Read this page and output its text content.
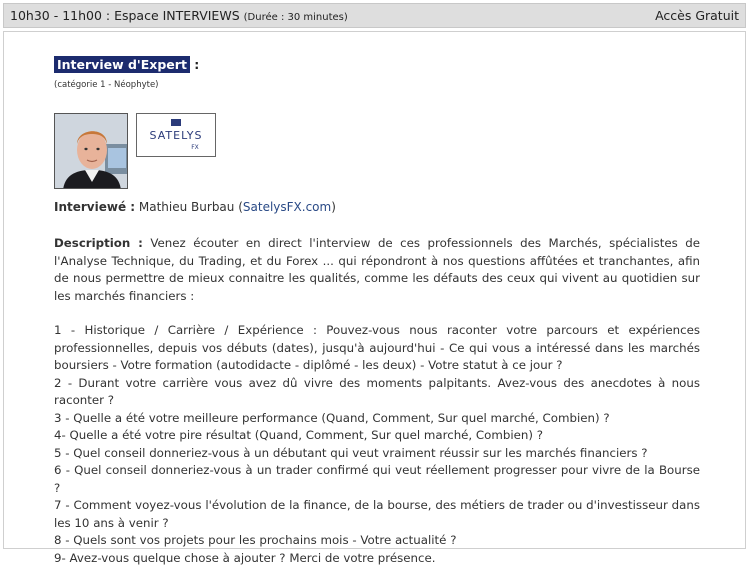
10h30 - 11h00 : Espace INTERVIEWS (Durée : 30 minutes)	Accès Gratuit
Interview d'Expert :
(catégorie 1 - Néophyte)
SATELYS
FX
Interviewé : Mathieu Burbau (SatelysFX.com)
Description : Venez écouter en direct l'interview de ces professionnels des Marchés, spécialistes de l'Analyse Technique, du Trading, et du Forex ... qui répondront à nos questions affûtées et tranchantes, afin de nous permettre de mieux connaitre les qualités, comme les défauts des ceux qui vivent au quotidien sur les marchés financiers :
1 - Historique / Carrière / Expérience : Pouvez-vous nous raconter votre parcours et expériences professionnelles, depuis vos débuts (dates), jusqu'à aujourd'hui - Ce qui vous a intéressé dans les marchés boursiers - Votre formation (autodidacte - diplômé - les deux) - Votre statut à ce jour ?
2 - Durant votre carrière vous avez dû vivre des moments palpitants. Avez-vous des anecdotes à nous raconter ?
3 - Quelle a été votre meilleure performance (Quand, Comment, Sur quel marché, Combien) ?
4- Quelle a été votre pire résultat (Quand, Comment, Sur quel marché, Combien) ?
5 - Quel conseil donneriez-vous à un débutant qui veut vraiment réussir sur les marchés financiers ?
6 - Quel conseil donneriez-vous à un trader confirmé qui veut réellement progresser pour vivre de la Bourse ?
7 - Comment voyez-vous l'évolution de la finance, de la bourse, des métiers de trader ou d'investisseur dans les 10 ans à venir ?
8 - Quels sont vos projets pour les prochains mois - Votre actualité ?
9- Avez-vous quelque chose à ajouter ? Merci de votre présence.
